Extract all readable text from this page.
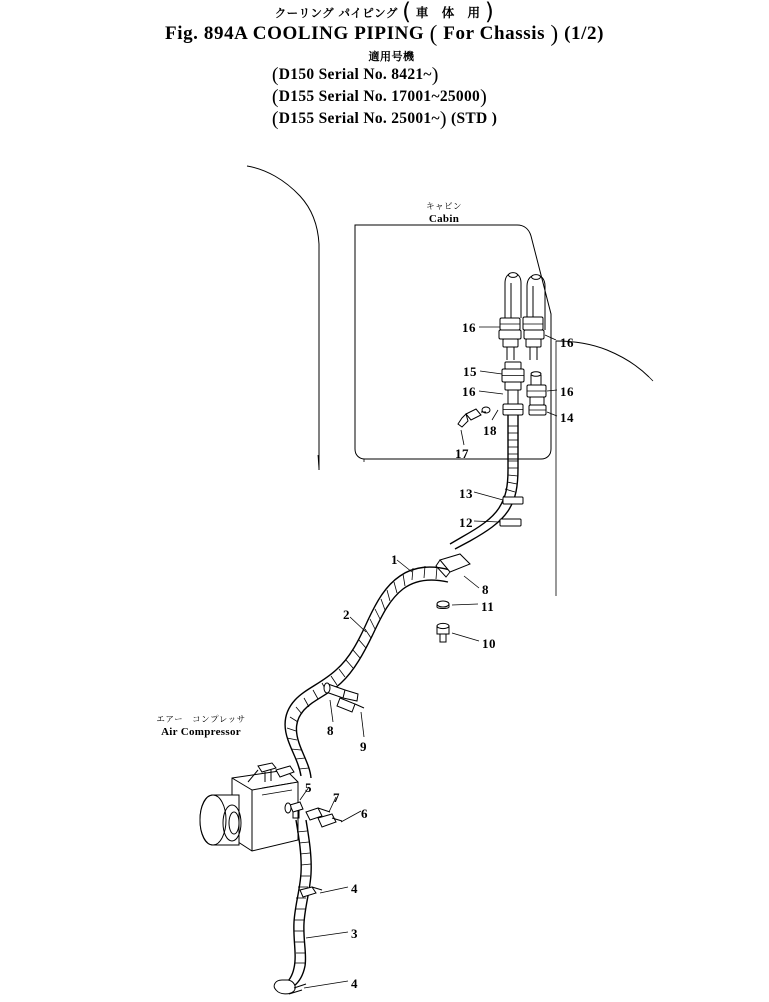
クーリング パイピング ( 車　体　用 )
Fig. 894A COOLING PIPING ( For Chassis ) (1/2)
適用号機
(D150 Serial No. 8421~)
(D155 Serial No. 17001~25000)
(D155 Serial No. 25001~) (STD )
キャビン
Cabin
エアー　コンプレッサ
Air Compressor
16
16
15
16	16
14
18
17
13
12
1
8
11
10
2
8
9
5
7
6
4
3
4
